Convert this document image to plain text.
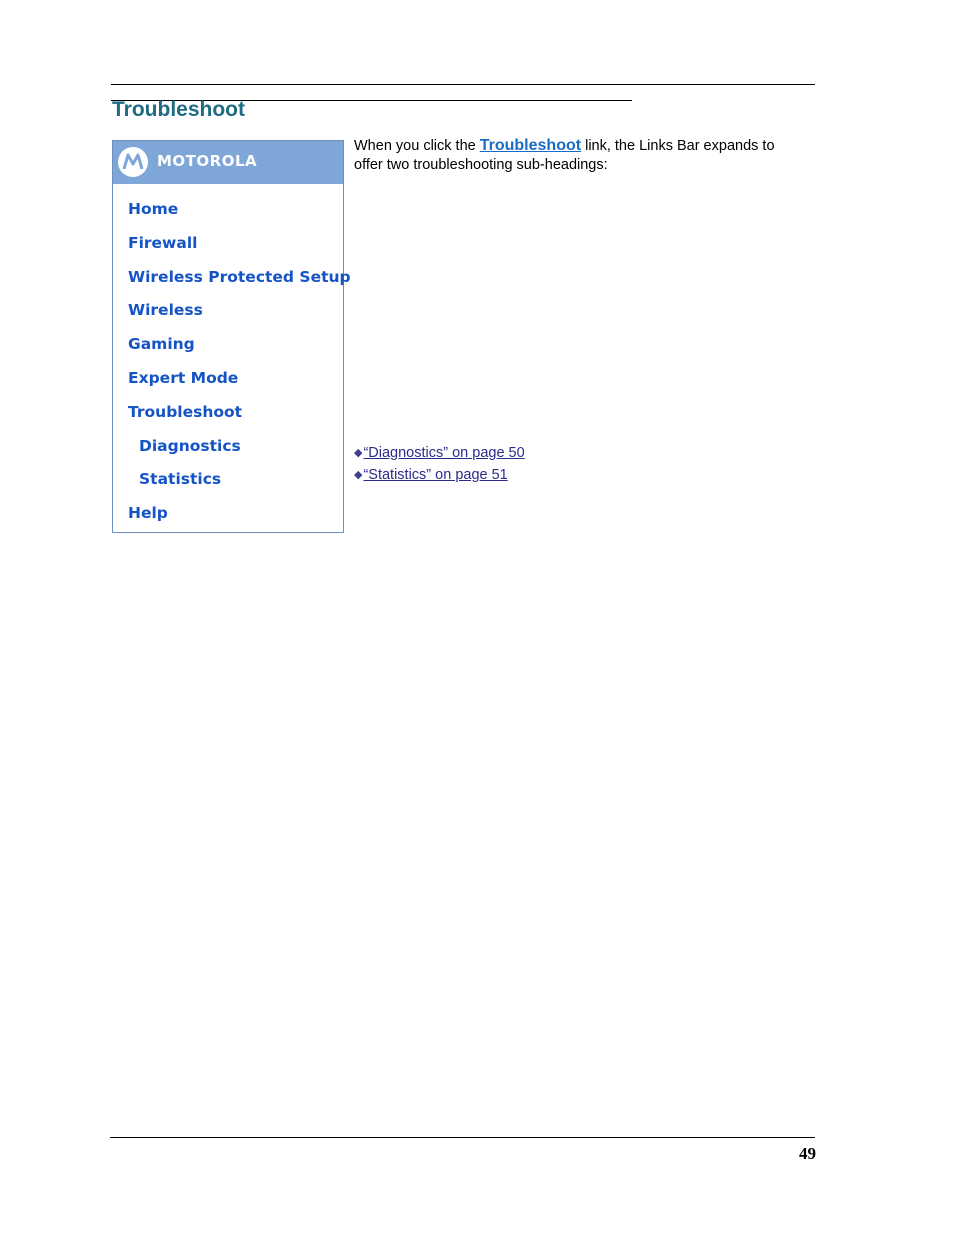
Troubleshoot
MOTOROLA
Home
Firewall
Wireless Protected Setup
Wireless
Gaming
Expert Mode
Troubleshoot
Diagnostics
Statistics
Help
When you click the Troubleshoot link, the Links Bar expands to offer two troubleshooting sub-headings:
◆“Diagnostics” on page 50
◆“Statistics” on page 51
49
